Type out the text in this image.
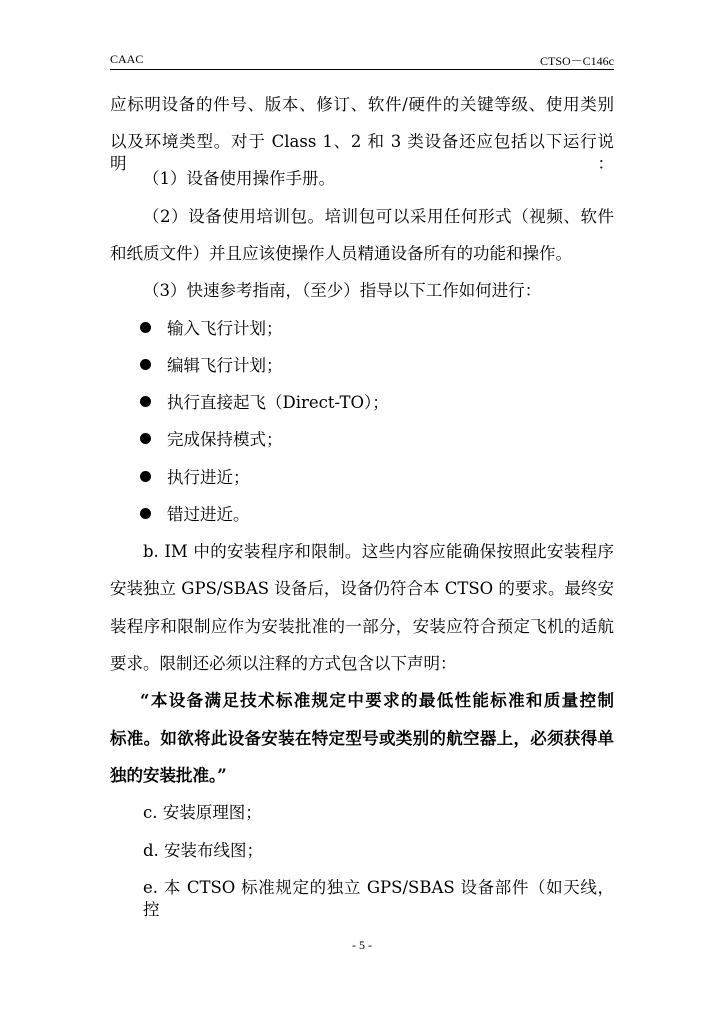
CAAC	CTSO－C146c
应标明设备的件号、版本、修订、软件/硬件的关键等级、使用类别
以及环境类型。对于 Class 1、2 和 3 类设备还应包括以下运行说明：
（1）设备使用操作手册。
（2）设备使用培训包。培训包可以采用任何形式（视频、软件
和纸质文件）并且应该使操作人员精通设备所有的功能和操作。
（3）快速参考指南，（至少）指导以下工作如何进行：
输入飞行计划；
编辑飞行计划；
执行直接起飞（Direct-TO）；
完成保持模式；
执行进近；
错过进近。
b. IM 中的安装程序和限制。这些内容应能确保按照此安装程序
安装独立 GPS/SBAS 设备后，设备仍符合本 CTSO 的要求。最终安
装程序和限制应作为安装批准的一部分，安装应符合预定飞机的适航
要求。限制还必须以注释的方式包含以下声明：
“本设备满足技术标准规定中要求的最低性能标准和质量控制
标准。如欲将此设备安装在特定型号或类别的航空器上，必须获得单
独的安装批准。”
c. 安装原理图；
d. 安装布线图；
e. 本 CTSO 标准规定的独立 GPS/SBAS 设备部件（如天线，控
- 5 -
